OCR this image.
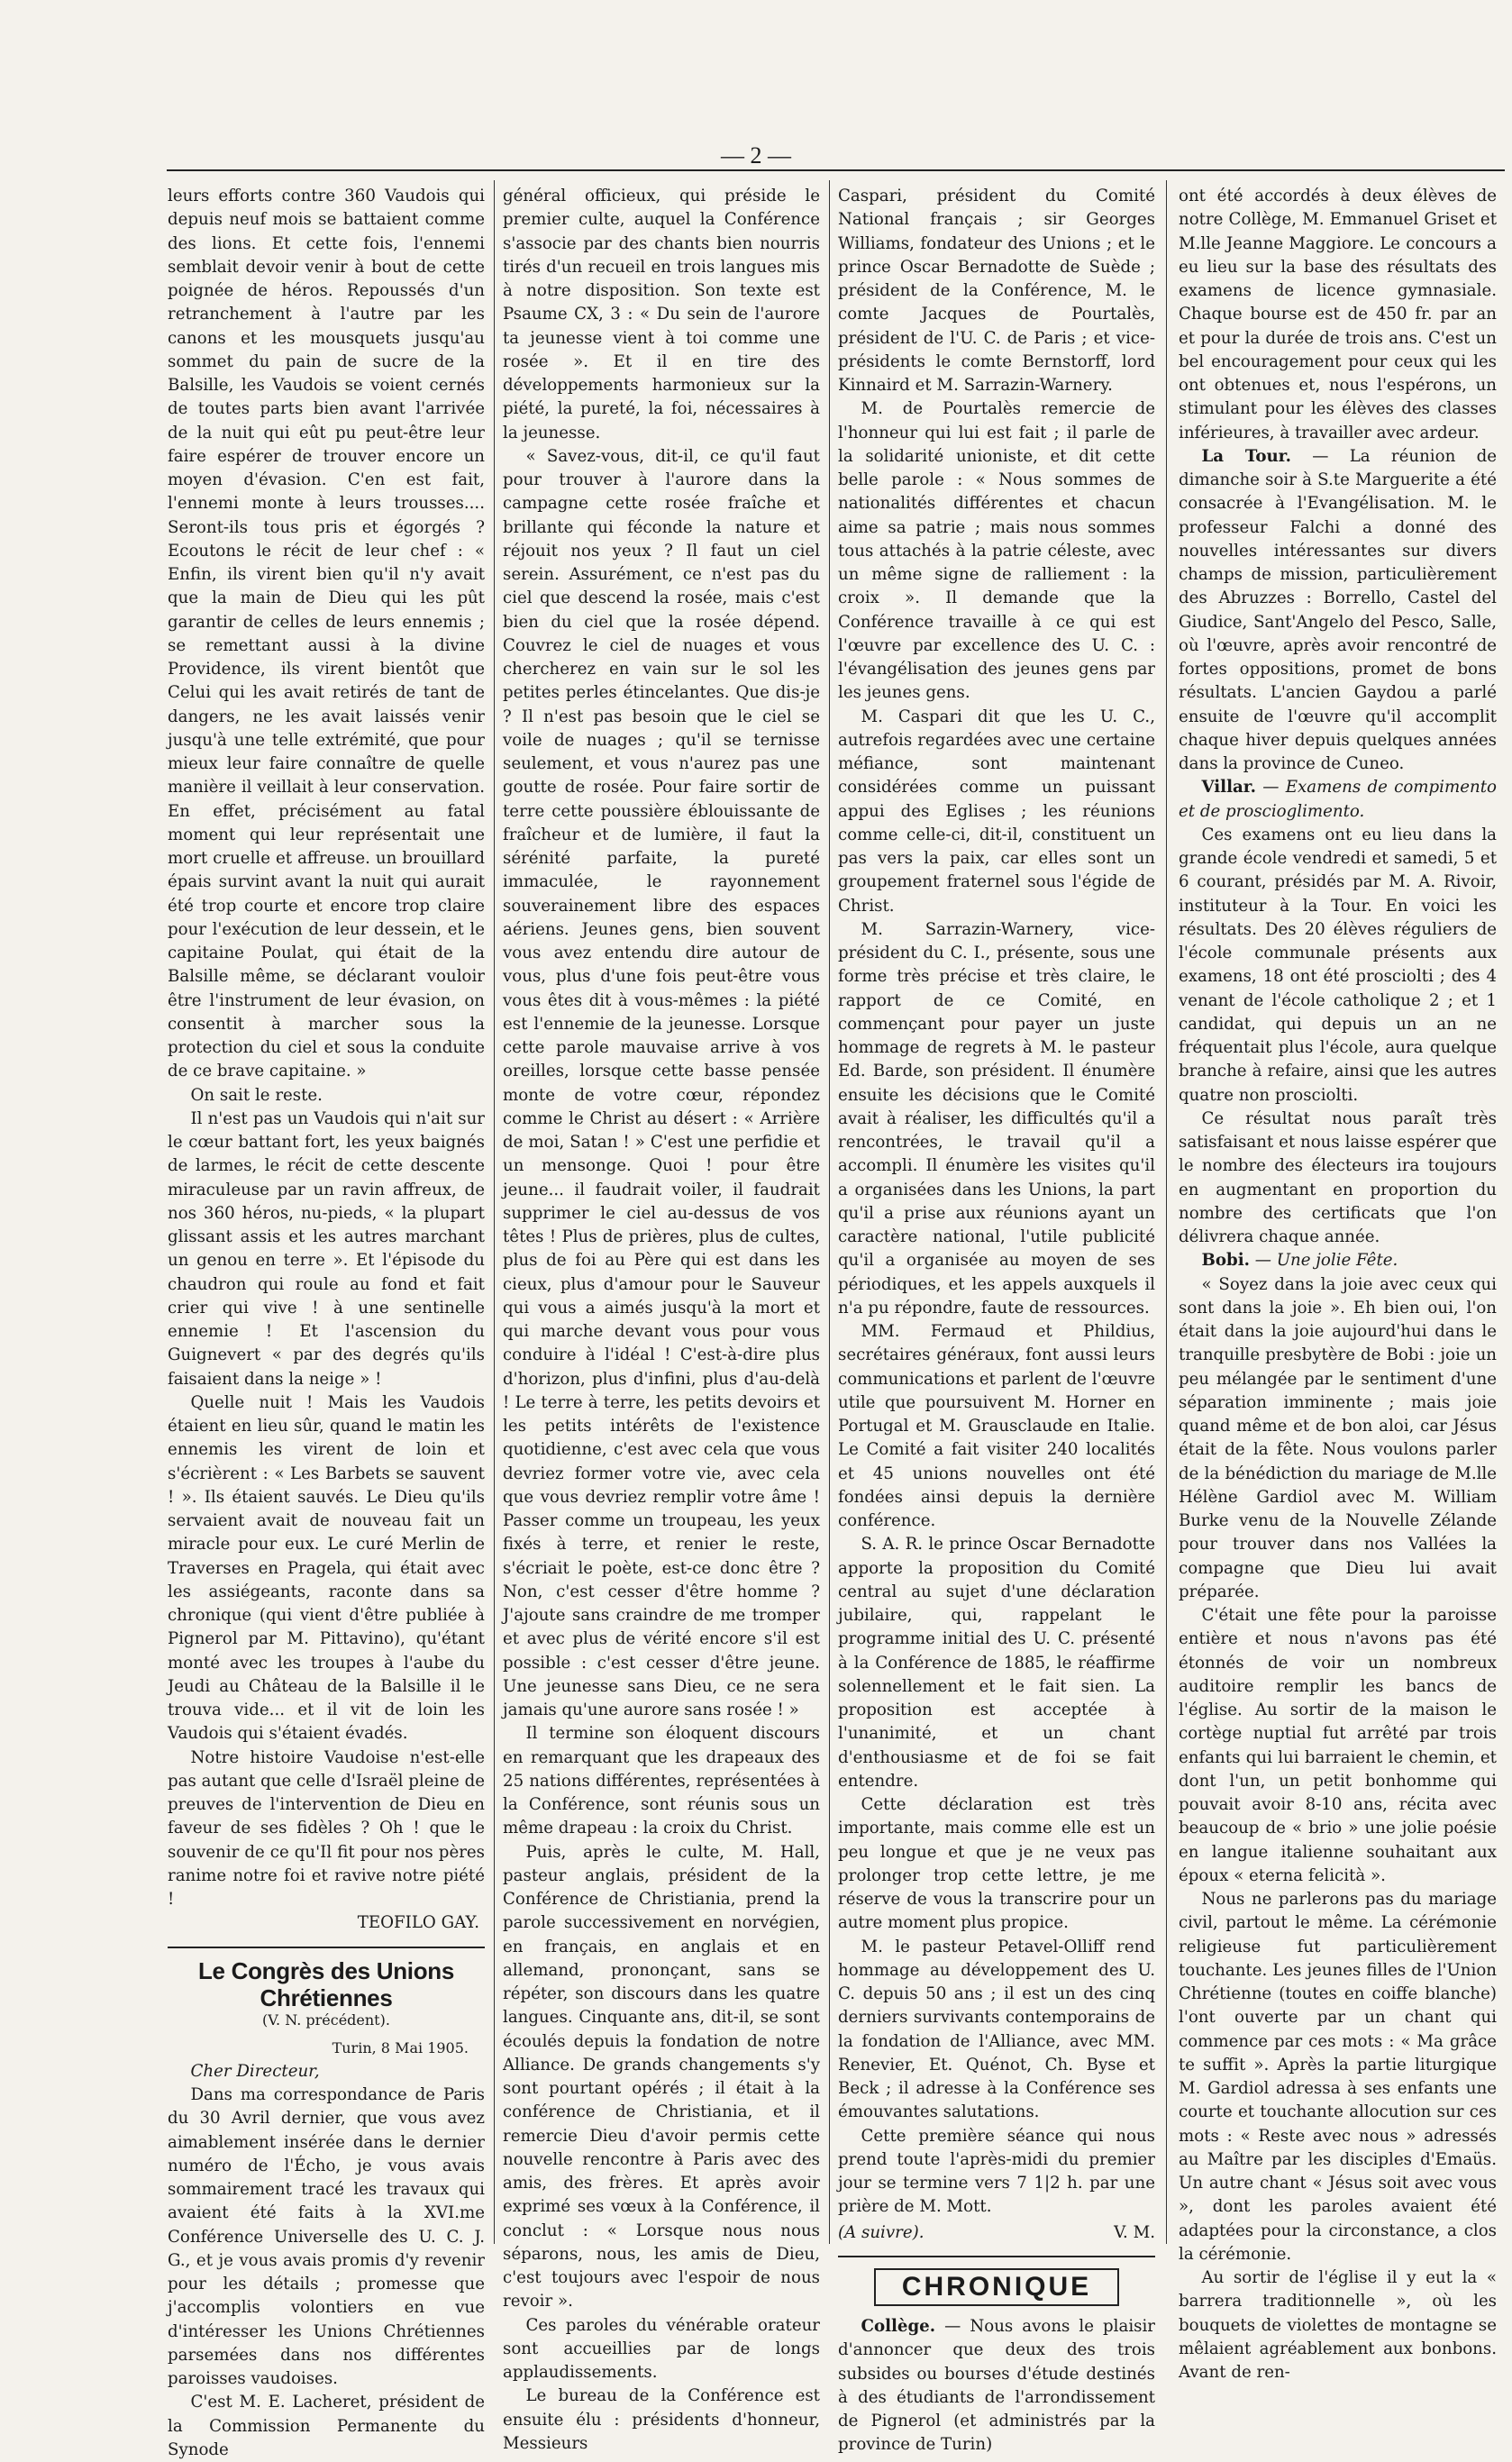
— 2 —

leurs efforts contre 360 Vaudois qui depuis neuf mois se battaient comme des lions. Et cette fois, l'ennemi semblait devoir venir à bout de cette poignée de héros. Repoussés d'un retranchement à l'autre par les canons et les mousquets jusqu'au sommet du pain de sucre de la Balsille, les Vaudois se voient cernés de toutes parts bien avant l'arrivée de la nuit qui eût pu peut-être leur faire espérer de trouver encore un moyen d'évasion. C'en est fait, l'ennemi monte à leurs trousses.... Seront-ils tous pris et égorgés ? Ecoutons le récit de leur chef : « Enfin, ils virent bien qu'il n'y avait que la main de Dieu qui les pût garantir de celles de leurs ennemis ; se remettant aussi à la divine Providence, ils virent bientôt que Celui qui les avait retirés de tant de dangers, ne les avait laissés venir jusqu'à une telle extrémité, que pour mieux leur faire connaître de quelle manière il veillait à leur conservation. En effet, précisément au fatal moment qui leur représentait une mort cruelle et affreuse. un brouillard épais survint avant la nuit qui aurait été trop courte et encore trop claire pour l'exécution de leur dessein, et le capitaine Poulat, qui était de la Balsille même, se déclarant vouloir être l'instrument de leur évasion, on consentit à marcher sous la protection du ciel et sous la conduite de ce brave capitaine. »

On sait le reste.

Il n'est pas un Vaudois qui n'ait sur le cœur battant fort, les yeux baignés de larmes, le récit de cette descente miraculeuse par un ravin affreux, de nos 360 héros, nu-pieds, « la plupart glissant assis et les autres marchant un genou en terre ». Et l'épisode du chaudron qui roule au fond et fait crier qui vive ! à une sentinelle ennemie ! Et l'ascension du Guignevert « par des degrés qu'ils faisaient dans la neige » !

Quelle nuit ! Mais les Vaudois étaient en lieu sûr, quand le matin les ennemis les virent de loin et s'écrièrent : « Les Barbets se sauvent ! ». Ils étaient sauvés. Le Dieu qu'ils servaient avait de nouveau fait un miracle pour eux. Le curé Merlin de Traverses en Pragela, qui était avec les assiégeants, raconte dans sa chronique (qui vient d'être publiée à Pignerol par M. Pittavino), qu'étant monté avec les troupes à l'aube du Jeudi au Château de la Balsille il le trouva vide... et il vit de loin les Vaudois qui s'étaient évadés.

Notre histoire Vaudoise n'est-elle pas autant que celle d'Israël pleine de preuves de l'intervention de Dieu en faveur de ses fidèles ? Oh ! que le souvenir de ce qu'Il fit pour nos pères ranime notre foi et ravive notre piété !

TEOFILO GAY.
Le Congrès des Unions Chrétiennes
(V. N. précédent).
Turin, 8 Mai 1905.

Cher Directeur,

Dans ma correspondance de Paris du 30 Avril dernier, que vous avez aimablement insérée dans le dernier numéro de l'Écho, je vous avais sommairement tracé les travaux qui avaient été faits à la XVI.me Conférence Universelle des U. C. J. G., et je vous avais promis d'y revenir pour les détails ; promesse que j'accomplis volontiers en vue d'intéresser les Unions Chrétiennes parsemées dans nos différentes paroisses vaudoises.

C'est M. E. Lacheret, président de la Commission Permanente du Synode

général officieux, qui préside le premier culte, auquel la Conférence s'associe par des chants bien nourris tirés d'un recueil en trois langues mis à notre disposition. Son texte est Psaume CX, 3 : « Du sein de l'aurore ta jeunesse vient à toi comme une rosée ». Et il en tire des développements harmonieux sur la piété, la pureté, la foi, nécessaires à la jeunesse.

« Savez-vous, dit-il, ce qu'il faut pour trouver à l'aurore dans la campagne cette rosée fraîche et brillante qui féconde la nature et réjouit nos yeux ? Il faut un ciel serein. Assurément, ce n'est pas du ciel que descend la rosée, mais c'est bien du ciel que la rosée dépend. Couvrez le ciel de nuages et vous chercherez en vain sur le sol les petites perles étincelantes. Que dis-je ? Il n'est pas besoin que le ciel se voile de nuages ; qu'il se ternisse seulement, et vous n'aurez pas une goutte de rosée. Pour faire sortir de terre cette poussière éblouissante de fraîcheur et de lumière, il faut la sérénité parfaite, la pureté immaculée, le rayonnement souverainement libre des espaces aériens. Jeunes gens, bien souvent vous avez entendu dire autour de vous, plus d'une fois peut-être vous vous êtes dit à vous-mêmes : la piété est l'ennemie de la jeunesse. Lorsque cette parole mauvaise arrive à vos oreilles, lorsque cette basse pensée monte de votre cœur, répondez comme le Christ au désert : « Arrière de moi, Satan ! » C'est une perfidie et un mensonge. Quoi ! pour être jeune... il faudrait voiler, il faudrait supprimer le ciel au-dessus de vos têtes ! Plus de prières, plus de cultes, plus de foi au Père qui est dans les cieux, plus d'amour pour le Sauveur qui vous a aimés jusqu'à la mort et qui marche devant vous pour vous conduire à l'idéal ! C'est-à-dire plus d'horizon, plus d'infini, plus d'au-delà ! Le terre à terre, les petits devoirs et les petits intérêts de l'existence quotidienne, c'est avec cela que vous devriez former votre vie, avec cela que vous devriez remplir votre âme ! Passer comme un troupeau, les yeux fixés à terre, et renier le reste, s'écriait le poète, est-ce donc être ? Non, c'est cesser d'être homme ? J'ajoute sans craindre de me tromper et avec plus de vérité encore s'il est possible : c'est cesser d'être jeune. Une jeunesse sans Dieu, ce ne sera jamais qu'une aurore sans rosée ! »

Il termine son éloquent discours en remarquant que les drapeaux des 25 nations différentes, représentées à la Conférence, sont réunis sous un même drapeau : la croix du Christ.

Puis, après le culte, M. Hall, pasteur anglais, président de la Conférence de Christiania, prend la parole successivement en norvégien, en français, en anglais et en allemand, prononçant, sans se répéter, son discours dans les quatre langues. Cinquante ans, dit-il, se sont écoulés depuis la fondation de notre Alliance. De grands changements s'y sont pourtant opérés ; il était à la conférence de Christiania, et il remercie Dieu d'avoir permis cette nouvelle rencontre à Paris avec des amis, des frères. Et après avoir exprimé ses vœux à la Conférence, il conclut : « Lorsque nous nous séparons, nous, les amis de Dieu, c'est toujours avec l'espoir de nous revoir ».

Ces paroles du vénérable orateur sont accueillies par de longs applaudissements.

Le bureau de la Conférence est ensuite élu : présidents d'honneur, Messieurs

Caspari, président du Comité National français ; sir Georges Williams, fondateur des Unions ; et le prince Oscar Bernadotte de Suède ; président de la Conférence, M. le comte Jacques de Pourtalès, président de l'U. C. de Paris ; et vice-présidents le comte Bernstorff, lord Kinnaird et M. Sarrazin-Warnery.

M. de Pourtalès remercie de l'honneur qui lui est fait ; il parle de la solidarité unioniste, et dit cette belle parole : « Nous sommes de nationalités différentes et chacun aime sa patrie ; mais nous sommes tous attachés à la patrie céleste, avec un même signe de ralliement : la croix ». Il demande que la Conférence travaille à ce qui est l'œuvre par excellence des U. C. : l'évangélisation des jeunes gens par les jeunes gens.

M. Caspari dit que les U. C., autrefois regardées avec une certaine méfiance, sont maintenant considérées comme un puissant appui des Eglises ; les réunions comme celle-ci, dit-il, constituent un pas vers la paix, car elles sont un groupement fraternel sous l'égide de Christ.

M. Sarrazin-Warnery, vice-président du C. I., présente, sous une forme très précise et très claire, le rapport de ce Comité, en commençant pour payer un juste hommage de regrets à M. le pasteur Ed. Barde, son président. Il énumère ensuite les décisions que le Comité avait à réaliser, les difficultés qu'il a rencontrées, le travail qu'il a accompli. Il énumère les visites qu'il a organisées dans les Unions, la part qu'il a prise aux réunions ayant un caractère national, l'utile publicité qu'il a organisée au moyen de ses périodiques, et les appels auxquels il n'a pu répondre, faute de ressources.

MM. Fermaud et Phildius, secrétaires généraux, font aussi leurs communications et parlent de l'œuvre utile que poursuivent M. Horner en Portugal et M. Grausclaude en Italie. Le Comité a fait visiter 240 localités et 45 unions nouvelles ont été fondées ainsi depuis la dernière conférence.

S. A. R. le prince Oscar Bernadotte apporte la proposition du Comité central au sujet d'une déclaration jubilaire, qui, rappelant le programme initial des U. C. présenté à la Conférence de 1885, le réaffirme solennellement et le fait sien. La proposition est acceptée à l'unanimité, et un chant d'enthousiasme et de foi se fait entendre.

Cette déclaration est très importante, mais comme elle est un peu longue et que je ne veux pas prolonger trop cette lettre, je me réserve de vous la transcrire pour un autre moment plus propice.

M. le pasteur Petavel-Olliff rend hommage au développement des U. C. depuis 50 ans ; il est un des cinq derniers survivants contemporains de la fondation de l'Alliance, avec MM. Renevier, Et. Quénot, Ch. Byse et Beck ; il adresse à la Conférence ses émouvantes salutations.

Cette première séance qui nous prend toute l'après-midi du premier jour se termine vers 7 1|2 h. par une prière de M. Mott.

(A suivre).	V. M.
CHRONIQUE

Collège. — Nous avons le plaisir d'annoncer que deux des trois subsides ou bourses d'étude destinés à des étudiants de l'arrondissement de Pignerol (et administrés par la province de Turin)

ont été accordés à deux élèves de notre Collège, M. Emmanuel Griset et M.lle Jeanne Maggiore. Le concours a eu lieu sur la base des résultats des examens de licence gymnasiale. Chaque bourse est de 450 fr. par an et pour la durée de trois ans. C'est un bel encouragement pour ceux qui les ont obtenues et, nous l'espérons, un stimulant pour les élèves des classes inférieures, à travailler avec ardeur.

La Tour. — La réunion de dimanche soir à S.te Marguerite a été consacrée à l'Evangélisation. M. le professeur Falchi a donné des nouvelles intéressantes sur divers champs de mission, particulièrement des Abruzzes : Borrello, Castel del Giudice, Sant'Angelo del Pesco, Salle, où l'œuvre, après avoir rencontré de fortes oppositions, promet de bons résultats. L'ancien Gaydou a parlé ensuite de l'œuvre qu'il accomplit chaque hiver depuis quelques années dans la province de Cuneo.

Villar. — Examens de compimento et de proscioglimento.

Ces examens ont eu lieu dans la grande école vendredi et samedi, 5 et 6 courant, présidés par M. A. Rivoir, instituteur à la Tour. En voici les résultats. Des 20 élèves réguliers de l'école communale présents aux examens, 18 ont été prosciolti ; des 4 venant de l'école catholique 2 ; et 1 candidat, qui depuis un an ne fréquentait plus l'école, aura quelque branche à refaire, ainsi que les autres quatre non prosciolti.

Ce résultat nous paraît très satisfaisant et nous laisse espérer que le nombre des électeurs ira toujours en augmentant en proportion du nombre des certificats que l'on délivrera chaque année.

Bobi. — Une jolie Fête.

« Soyez dans la joie avec ceux qui sont dans la joie ». Eh bien oui, l'on était dans la joie aujourd'hui dans le tranquille presbytère de Bobi : joie un peu mélangée par le sentiment d'une séparation imminente ; mais joie quand même et de bon aloi, car Jésus était de la fête. Nous voulons parler de la bénédiction du mariage de M.lle Hélène Gardiol avec M. William Burke venu de la Nouvelle Zélande pour trouver dans nos Vallées la compagne que Dieu lui avait préparée.

C'était une fête pour la paroisse entière et nous n'avons pas été étonnés de voir un nombreux auditoire remplir les bancs de l'église. Au sortir de la maison le cortège nuptial fut arrêté par trois enfants qui lui barraient le chemin, et dont l'un, un petit bonhomme qui pouvait avoir 8-10 ans, récita avec beaucoup de « brio » une jolie poésie en langue italienne souhaitant aux époux « eterna felicità ».

Nous ne parlerons pas du mariage civil, partout le même. La cérémonie religieuse fut particulièrement touchante. Les jeunes filles de l'Union Chrétienne (toutes en coiffe blanche) l'ont ouverte par un chant qui commence par ces mots : « Ma grâce te suffit ». Après la partie liturgique M. Gardiol adressa à ses enfants une courte et touchante allocution sur ces mots : « Reste avec nous » adressés au Maître par les disciples d'Emaüs. Un autre chant « Jésus soit avec vous », dont les paroles avaient été adaptées pour la circonstance, a clos la cérémonie.

Au sortir de l'église il y eut la « barrera traditionnelle », où les bouquets de violettes de montagne se mêlaient agréablement aux bonbons. Avant de ren-
